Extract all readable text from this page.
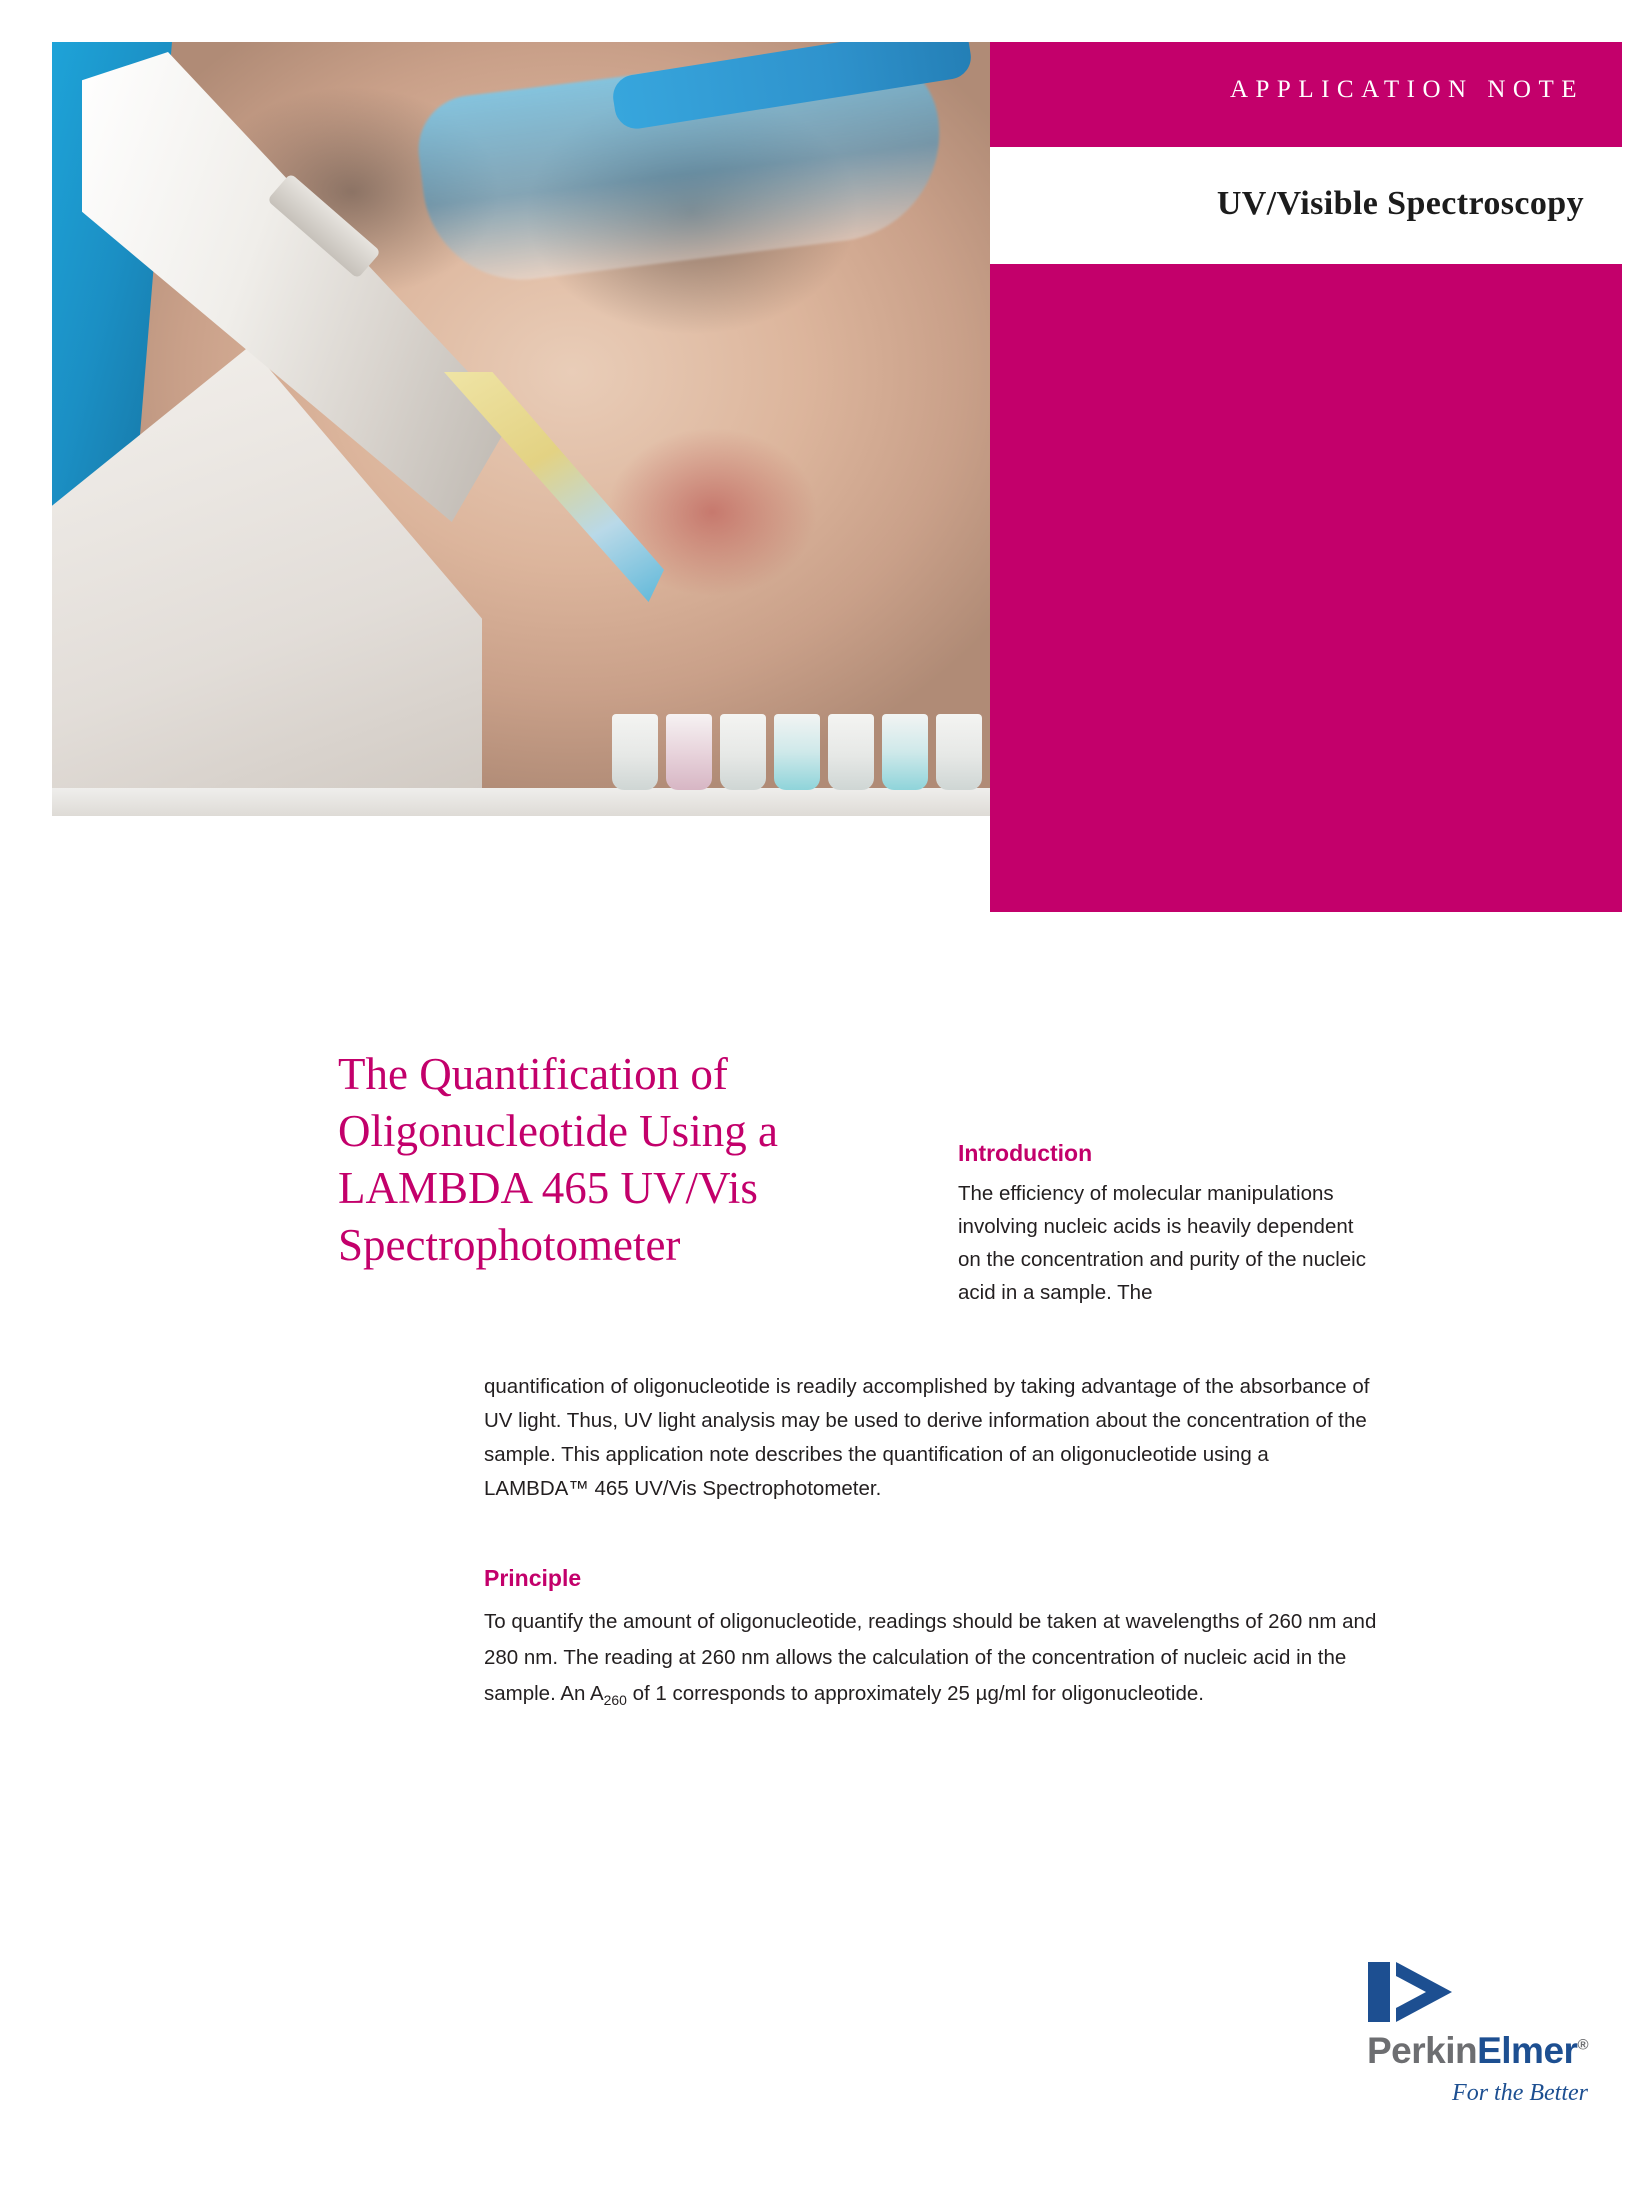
APPLICATION NOTE
UV/Visible Spectroscopy
The Quantification of Oligonucleotide Using a LAMBDA 465 UV/Vis Spectrophotometer
Introduction
The efficiency of molecular manipulations involving nucleic acids is heavily dependent on the concentration and purity of the nucleic acid in a sample. The
quantification of oligonucleotide is readily accomplished by taking advantage of the absorbance of UV light. Thus, UV light analysis may be used to derive information about the concentration of the sample. This application note describes the quantification of an oligonucleotide using a LAMBDA™ 465 UV/Vis Spectrophotometer.
Principle
To quantify the amount of oligonucleotide, readings should be taken at wavelengths of 260 nm and 280 nm. The reading at 260 nm allows the calculation of the concentration of nucleic acid in the sample. An $A_{260}$ of 1 corresponds to approximately 25 µg/ml for oligonucleotide.
PerkinElmer®
For the Better
